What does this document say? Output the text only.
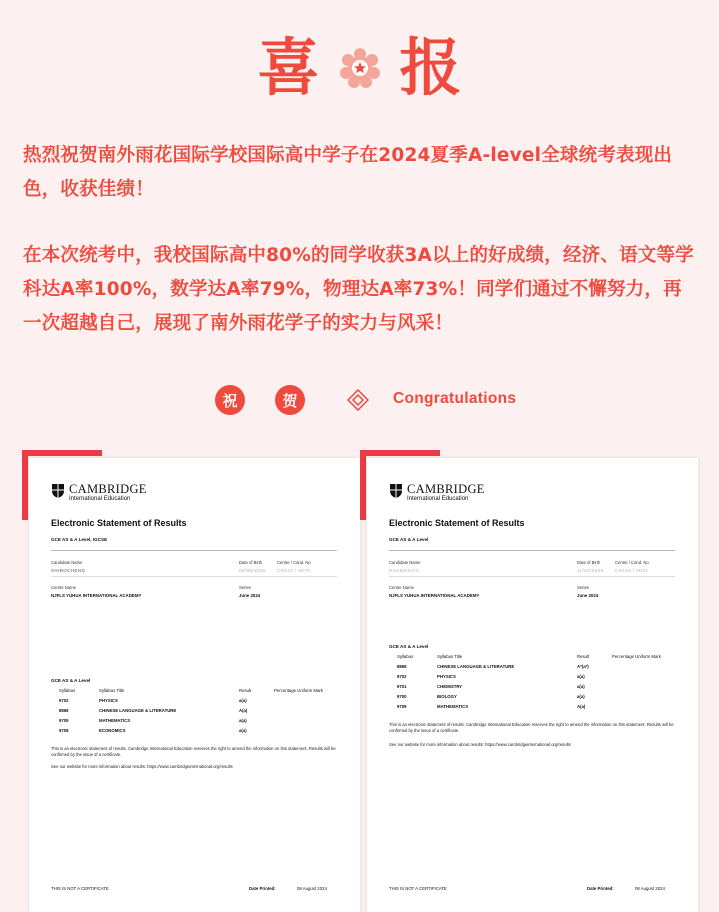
喜 报
热烈祝贺南外雨花国际学校国际高中学子在2024夏季A-level全球统考表现出色，收获佳绩！
在本次统考中，我校国际高中80%的同学收获3A以上的好成绩，经济、语文等学科达A率100%，数学达A率79%，物理达A率73%！同学们通过不懈努力，再一次超越自己，展现了南外雨花学子的实力与风采！
祝	贺	Congratulations
CAMBRIDGE
International Education
Electronic Statement of Results
GCE AS & A Level, IGCSE
Candidate Name	Date of Birth	Centre / Cand. No
SHIBOCHENG	05/06/2006	CN123 / 0070
Centre Name	Series
NJFLS YUHUA INTERNATIONAL ACADEMY	June 2024
GCE AS & A Level
Syllabus	Syllabus Title	Result	Percentage Uniform Mark
9702	PHYSICS	a(a)
8868	CHINESE LANGUAGE & LITERATURE	A(a)
9709	MATHEMATICS	a(a)
9708	ECONOMICS	a(a)
This is an electronic statement of results. Cambridge International Education reserves the right to amend the information on this statement. Results will be confirmed by the issue of a certificate.
See our website for more information about results: https://www.cambridgeinternational.org/results
THIS IS NOT A CERTIFICATE	Date Printed:	08 August 2024
CAMBRIDGE
International Education
Electronic Statement of Results
GCE AS & A Level
Candidate Name	Date of Birth	Centre / Cand. No
HUANGSIYU	11/02/2006	CN123 / 0042
Centre Name	Series
NJFLS YUHUA INTERNATIONAL ACADEMY	June 2024
GCE AS & A Level
Syllabus	Syllabus Title	Result	Percentage Uniform Mark
8868	CHINESE LANGUAGE & LITERATURE	A*(a*)
9702	PHYSICS	a(a)
9701	CHEMISTRY	a(a)
9700	BIOLOGY	a(a)
9709	MATHEMATICS	A(a)
This is an electronic statement of results. Cambridge International Education reserves the right to amend the information on this statement. Results will be confirmed by the issue of a certificate.
See our website for more information about results: https://www.cambridgeinternational.org/results
THIS IS NOT A CERTIFICATE	Date Printed:	08 August 2024
